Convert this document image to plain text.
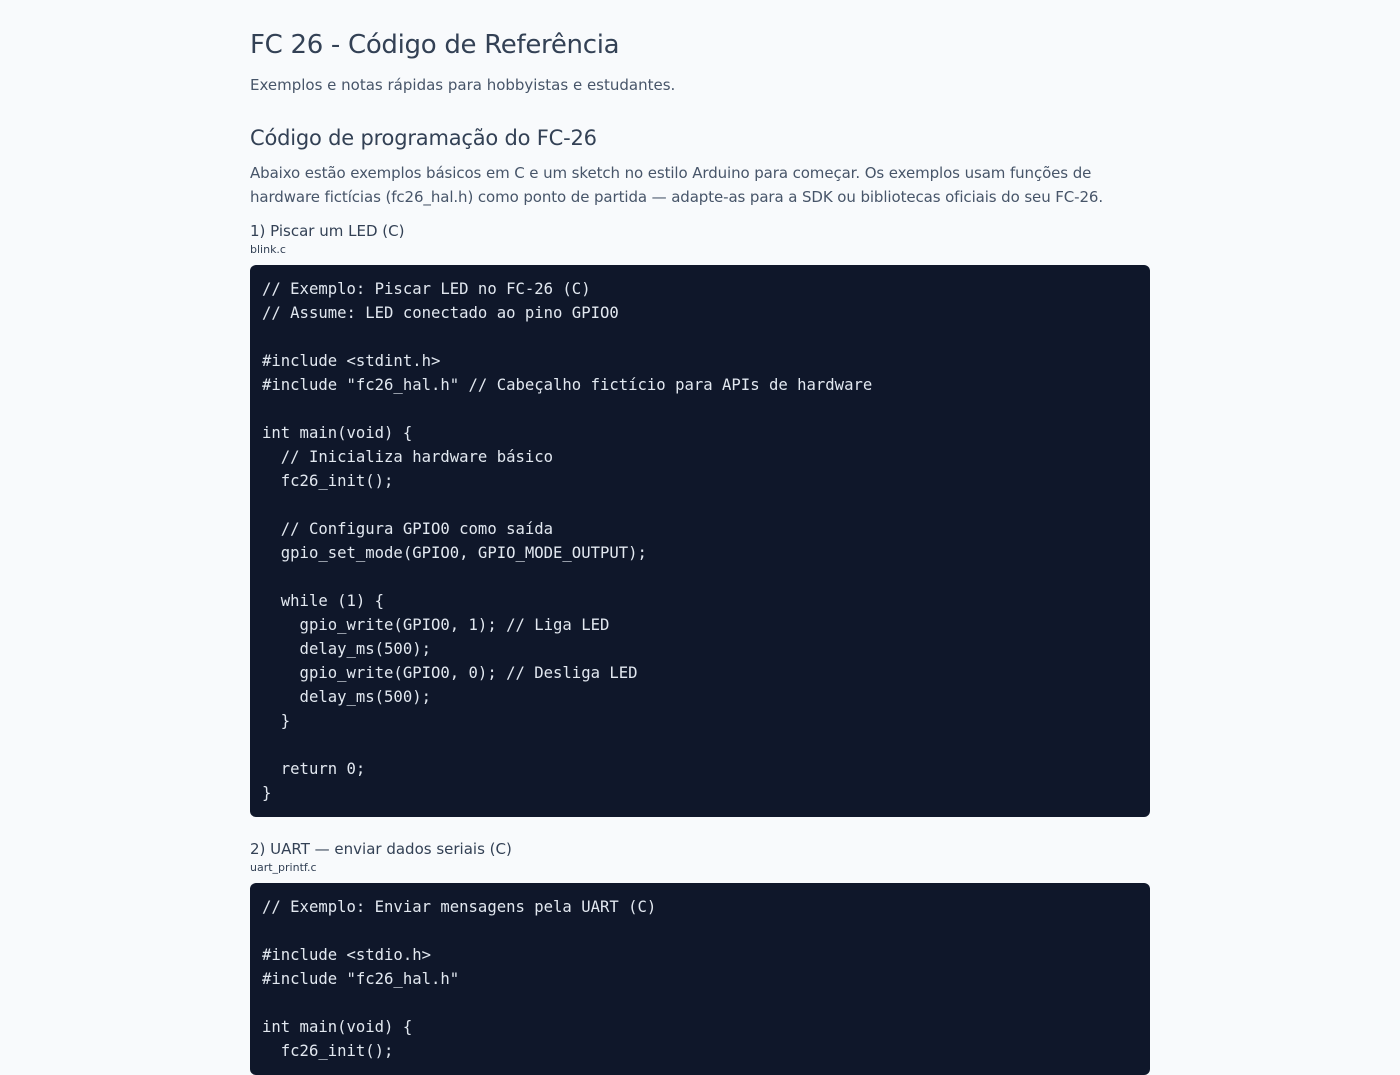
FC 26 - Código de Referência

Exemplos e notas rápidas para hobbyistas e estudantes.

Código de programação do FC-26

Abaixo estão exemplos básicos em C e um sketch no estilo Arduino para começar. Os exemplos usam funções de hardware fictícias (fc26_hal.h) como ponto de partida — adapte-as para a SDK ou bibliotecas oficiais do seu FC-26.

1) Piscar um LED (C)
blink.c
// Exemplo: Piscar LED no FC-26 (C)
// Assume: LED conectado ao pino GPIO0
#include <stdint.h>
#include "fc26_hal.h" // Cabeçalho fictício para APIs de hardware
int main(void) {
// Inicializa hardware básico
fc26_init();
// Configura GPIO0 como saída
gpio_set_mode(GPIO0, GPIO_MODE_OUTPUT);
while (1) {
gpio_write(GPIO0, 1); // Liga LED
delay_ms(500);
gpio_write(GPIO0, 0); // Desliga LED
delay_ms(500);
}
return 0;
}
2) UART — enviar dados seriais (C)
uart_printf.c
// Exemplo: Enviar mensagens pela UART (C)
#include <stdio.h>
#include "fc26_hal.h"
int main(void) {
fc26_init();
